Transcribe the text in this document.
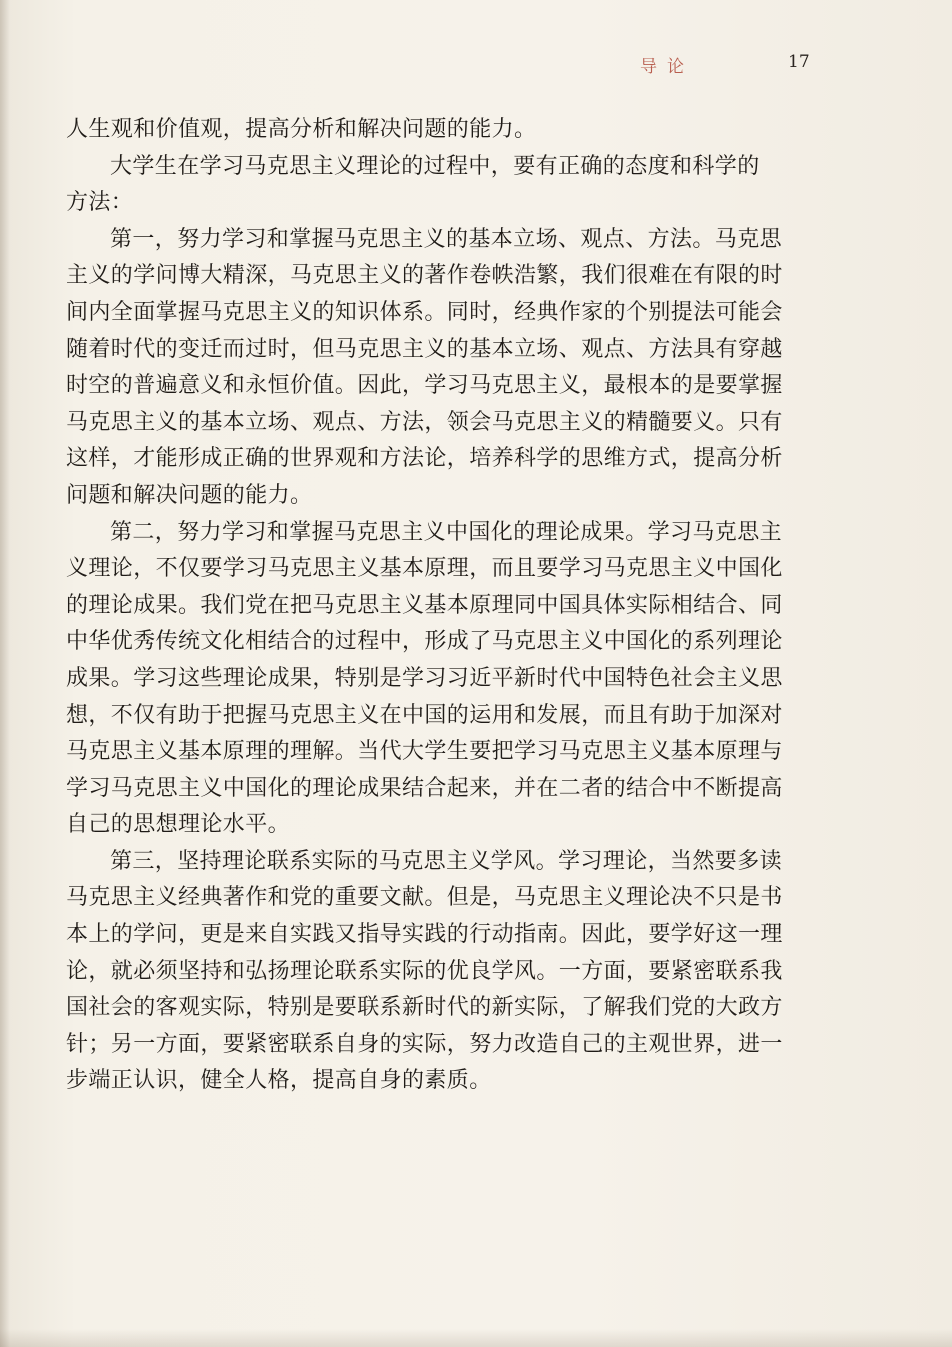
导论	17
人生观和价值观，提高分析和解决问题的能力。
大学生在学习马克思主义理论的过程中，要有正确的态度和科学的
方法：
第一，努力学习和掌握马克思主义的基本立场、观点、方法。马克思
主义的学问博大精深，马克思主义的著作卷帙浩繁，我们很难在有限的时
间内全面掌握马克思主义的知识体系。同时，经典作家的个别提法可能会
随着时代的变迁而过时，但马克思主义的基本立场、观点、方法具有穿越
时空的普遍意义和永恒价值。因此，学习马克思主义，最根本的是要掌握
马克思主义的基本立场、观点、方法，领会马克思主义的精髓要义。只有
这样，才能形成正确的世界观和方法论，培养科学的思维方式，提高分析
问题和解决问题的能力。
第二，努力学习和掌握马克思主义中国化的理论成果。学习马克思主
义理论，不仅要学习马克思主义基本原理，而且要学习马克思主义中国化
的理论成果。我们党在把马克思主义基本原理同中国具体实际相结合、同
中华优秀传统文化相结合的过程中，形成了马克思主义中国化的系列理论
成果。学习这些理论成果，特别是学习习近平新时代中国特色社会主义思
想，不仅有助于把握马克思主义在中国的运用和发展，而且有助于加深对
马克思主义基本原理的理解。当代大学生要把学习马克思主义基本原理与
学习马克思主义中国化的理论成果结合起来，并在二者的结合中不断提高
自己的思想理论水平。
第三，坚持理论联系实际的马克思主义学风。学习理论，当然要多读
马克思主义经典著作和党的重要文献。但是，马克思主义理论决不只是书
本上的学问，更是来自实践又指导实践的行动指南。因此，要学好这一理
论，就必须坚持和弘扬理论联系实际的优良学风。一方面，要紧密联系我
国社会的客观实际，特别是要联系新时代的新实际，了解我们党的大政方
针；另一方面，要紧密联系自身的实际，努力改造自己的主观世界，进一
步端正认识，健全人格，提高自身的素质。
